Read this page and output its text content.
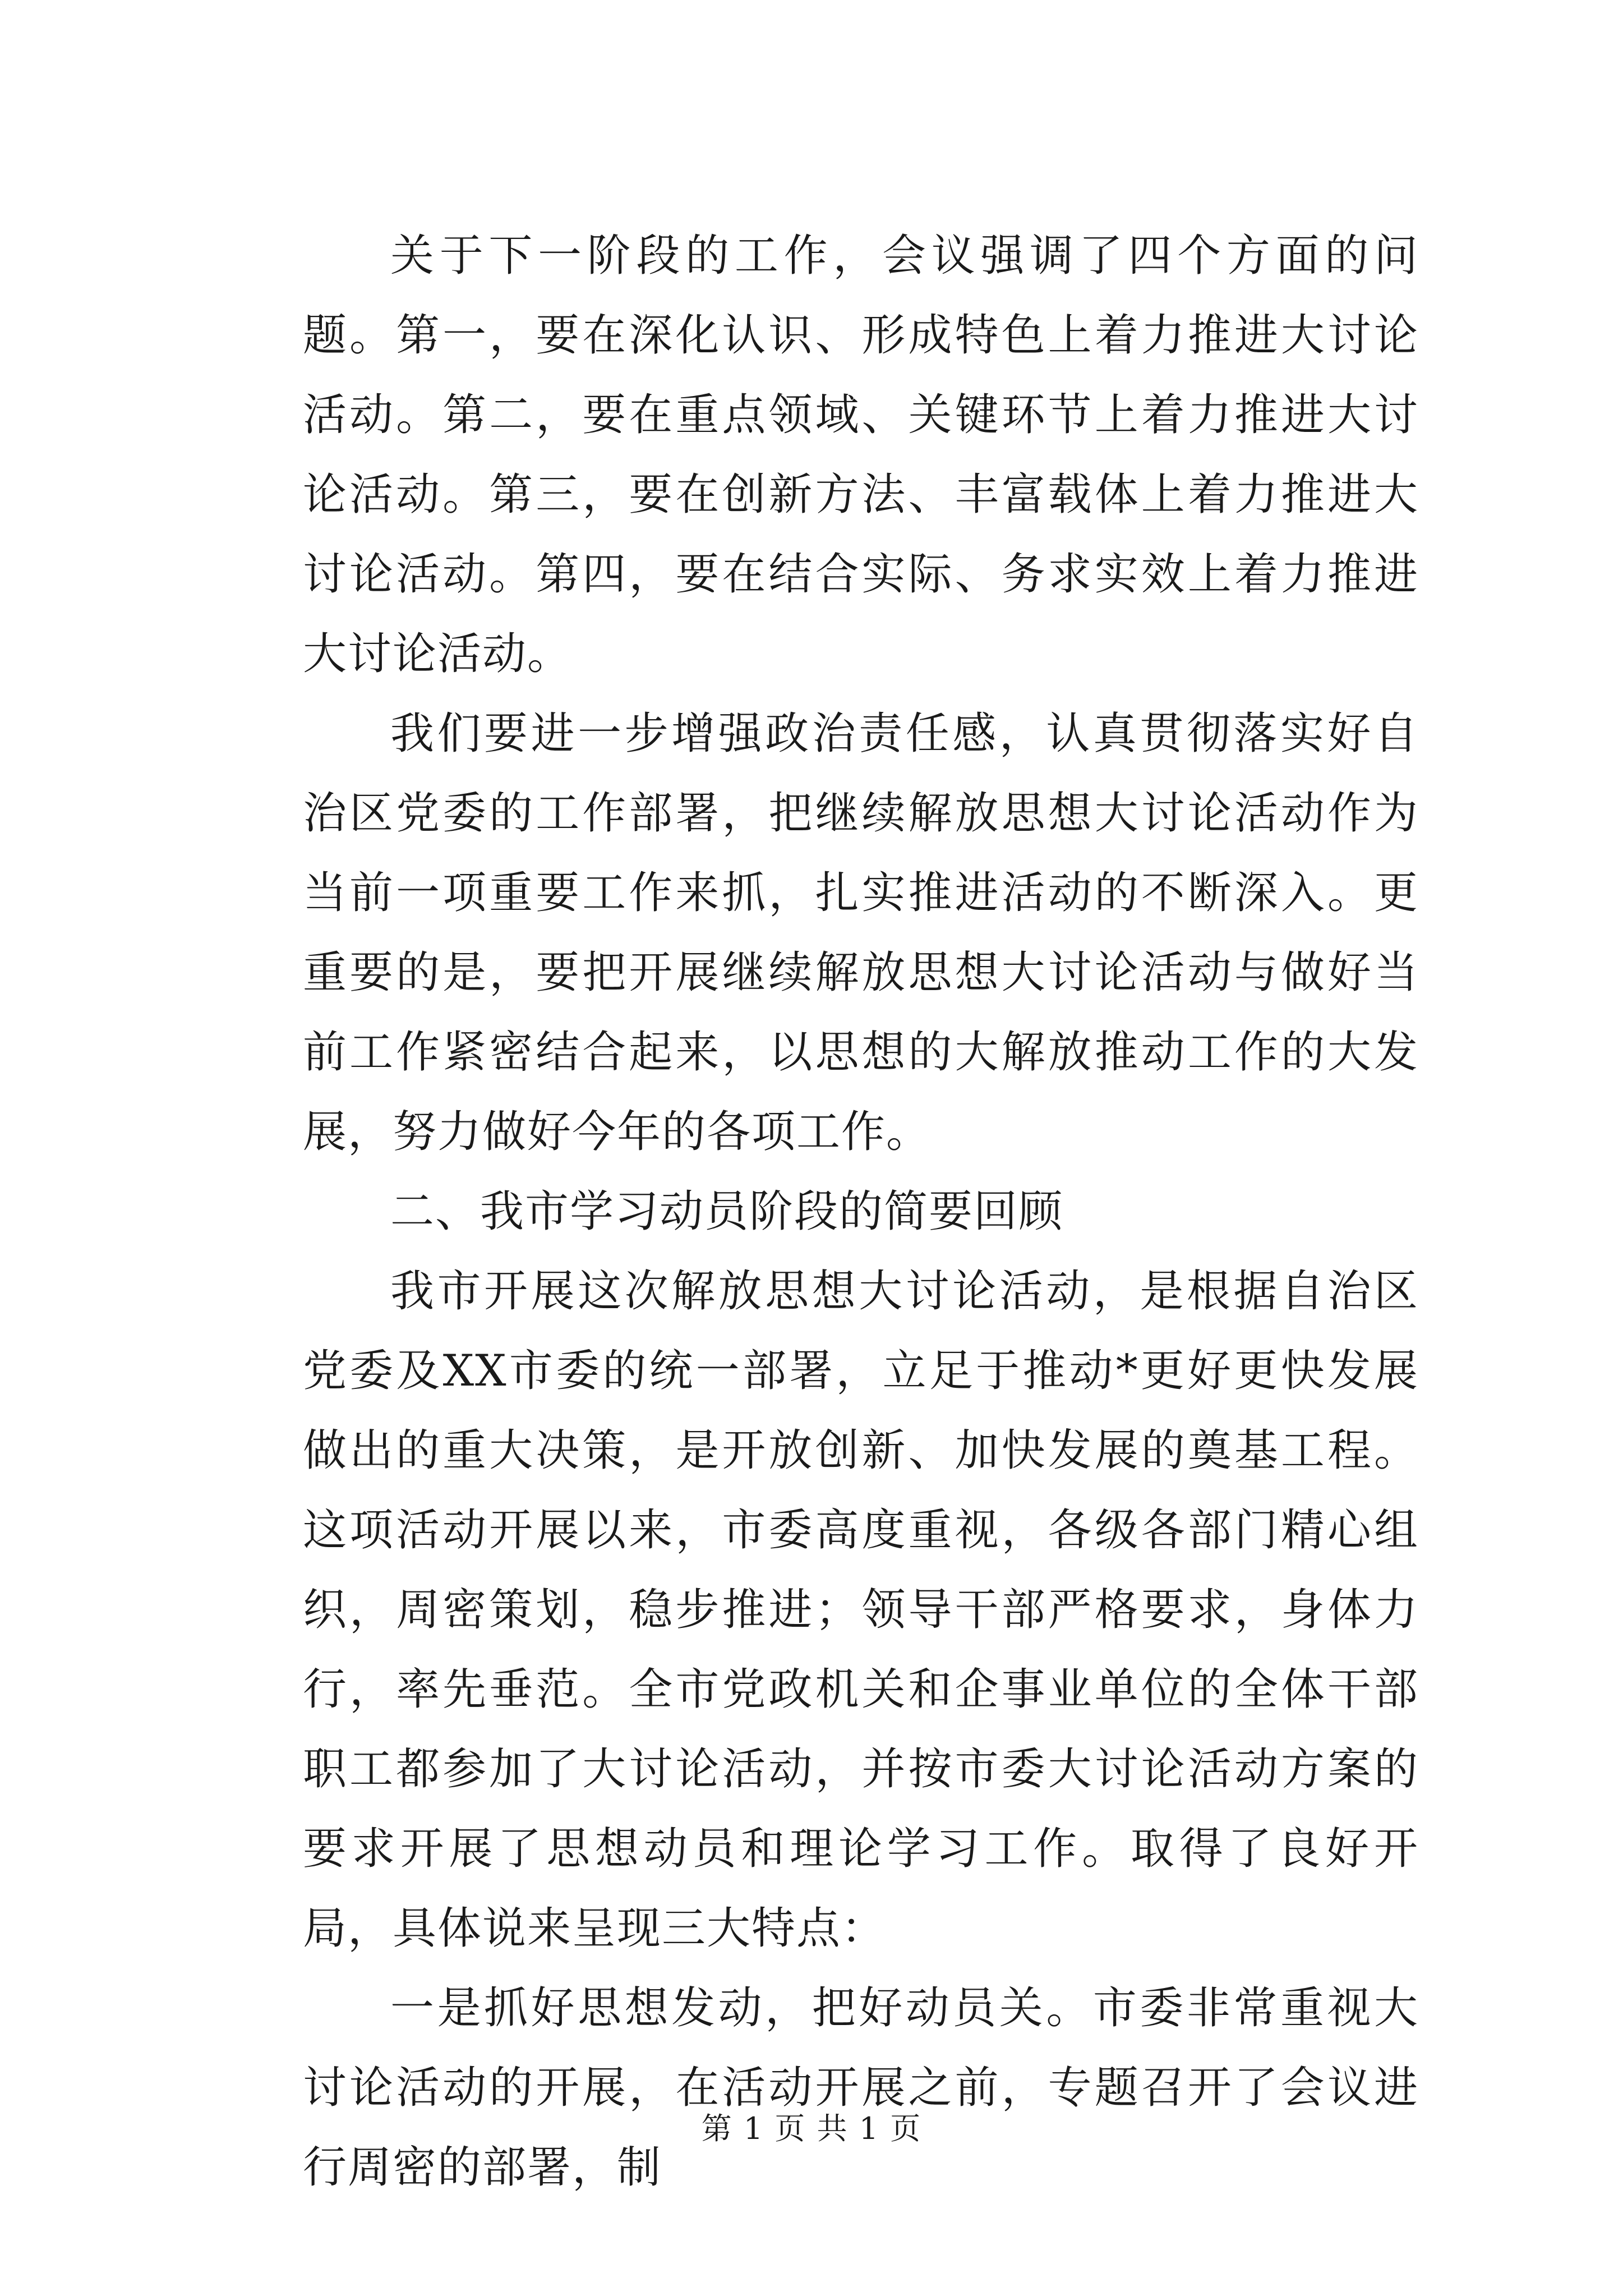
关于下一阶段的工作，会议强调了四个方面的问题。第一，要在深化认识、形成特色上着力推进大讨论活动。第二，要在重点领域、关键环节上着力推进大讨论活动。第三，要在创新方法、丰富载体上着力推进大讨论活动。第四，要在结合实际、务求实效上着力推进大讨论活动。

我们要进一步增强政治责任感，认真贯彻落实好自治区党委的工作部署，把继续解放思想大讨论活动作为当前一项重要工作来抓，扎实推进活动的不断深入。更重要的是，要把开展继续解放思想大讨论活动与做好当前工作紧密结合起来，以思想的大解放推动工作的大发展，努力做好今年的各项工作。

二、我市学习动员阶段的简要回顾

我市开展这次解放思想大讨论活动，是根据自治区党委及XX市委的统一部署，立足于推动*更好更快发展做出的重大决策，是开放创新、加快发展的奠基工程。这项活动开展以来，市委高度重视，各级各部门精心组织，周密策划，稳步推进；领导干部严格要求，身体力行，率先垂范。全市党政机关和企事业单位的全体干部职工都参加了大讨论活动，并按市委大讨论活动方案的要求开展了思想动员和理论学习工作。取得了良好开局，具体说来呈现三大特点：

一是抓好思想发动，把好动员关。市委非常重视大讨论活动的开展，在活动开展之前，专题召开了会议进行周密的部署，制

第 1 页 共 1 页
